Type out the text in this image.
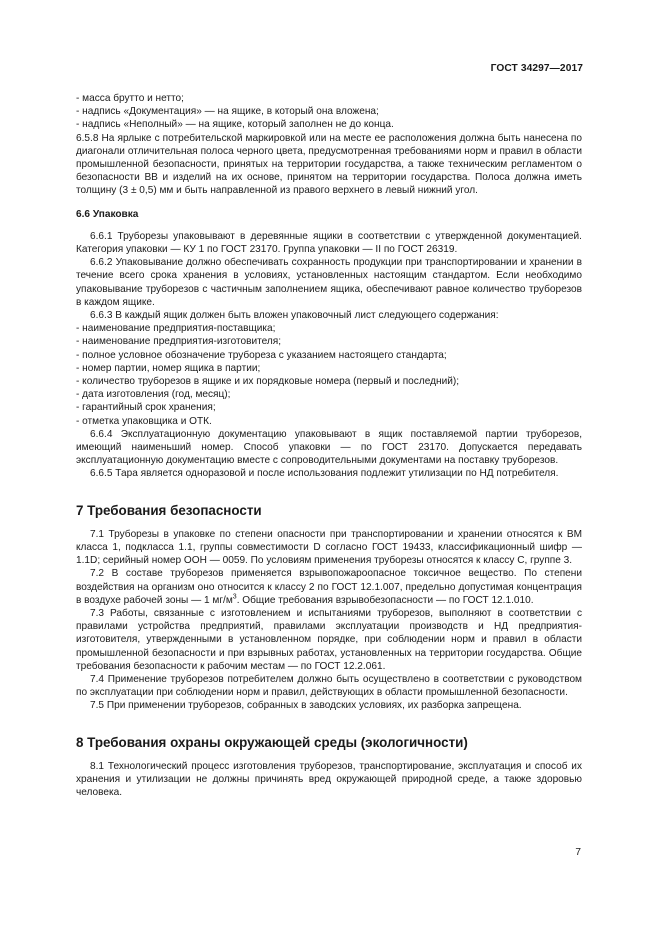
ГОСТ 34297—2017
- масса брутто и нетто;
- надпись «Документация» — на ящике, в который она вложена;
- надпись «Неполный» — на ящике, который заполнен не до конца.

6.5.8 На ярлыке с потребительской маркировкой или на месте ее расположения должна быть нанесена по диагонали отличительная полоса черного цвета, предусмотренная требованиями норм и правил в области промышленной безопасности, принятых на территории государства, а также техническим регламентом о безопасности ВВ и изделий на их основе, принятом на территории государства. Полоса должна иметь толщину (3 ± 0,5) мм и быть направленной из правого верхнего в левый нижний угол.

6.6 Упаковка

6.6.1 Трубoрезы упаковывают в деревянные ящики в соответствии с утвержденной документацией. Категория упаковки — КУ 1 по ГОСТ 23170. Группа упаковки — II по ГОСТ 26319.

6.6.2 Упаковывание должно обеспечивать сохранность продукции при транспортировании и хранении в течение всего срока хранения в условиях, установленных настоящим стандартом. Если необходимо упаковывание труборезов с частичным заполнением ящика, обеспечивают равное количество труборезов в каждом ящике.

6.6.3 В каждый ящик должен быть вложен упаковочный лист следующего содержания:

- наименование предприятия-поставщика;
- наименование предприятия-изготовителя;
- полное условное обозначение трубoреза с указанием настоящего стандарта;
- номер партии, номер ящика в партии;
- количество труборезов в ящике и их порядковые номера (первый и последний);
- дата изготовления (год, месяц);
- гарантийный срок хранения;
- отметка упаковщика и ОТК.

6.6.4 Эксплуатационную документацию упаковывают в ящик поставляемой партии труборезов, имеющий наименьший номер. Способ упаковки — по ГОСТ 23170. Допускается передавать эксплуатационную документацию вместе с сопроводительными документами на поставку труборезов.

6.6.5 Тара является одноразовой и после использования подлежит утилизации по НД потребителя.

7 Требования безопасности

7.1 Труборезы в упаковке по степени опасности при транспортировании и хранении относятся к ВМ класса 1, подкласса 1.1, группы совместимости D согласно ГОСТ 19433, классификационный шифр — 1.1D; серийный номер ООН — 0059. По условиям применения труборезы относятся к классу С, группе 3.

7.2 В составе труборезов применяется взрывопожароопасное токсичное вещество. По степени воздействия на организм оно относится к классу 2 по ГОСТ 12.1.007, предельно допустимая концентрация в воздухе рабочей зоны — 1 $мг/м^3$. Общие требования взрывобезопасности — по ГОСТ 12.1.010.

7.3 Работы, связанные с изготовлением и испытаниями труборезов, выполняют в соответствии с правилами устройства предприятий, правилами эксплуатации производств и НД предприятия-изготовителя, утвержденными в установленном порядке, при соблюдении норм и правил в области промышленной безопасности и при взрывных работах, установленных на территории государства. Общие требования безопасности к рабочим местам — по ГОСТ 12.2.061.

7.4 Применение труборезов потребителем должно быть осуществлено в соответствии с руководством по эксплуатации при соблюдении норм и правил, действующих в области промышленной безопасности.

7.5 При применении труборезов, собранных в заводских условиях, их разборка запрещена.

8 Требования охраны окружающей среды (экологичности)

8.1 Технологический процесс изготовления труборезов, транспортирование, эксплуатация и способ их хранения и утилизации не должны причинять вред окружающей природной среде, а также здоровью человека.

7
